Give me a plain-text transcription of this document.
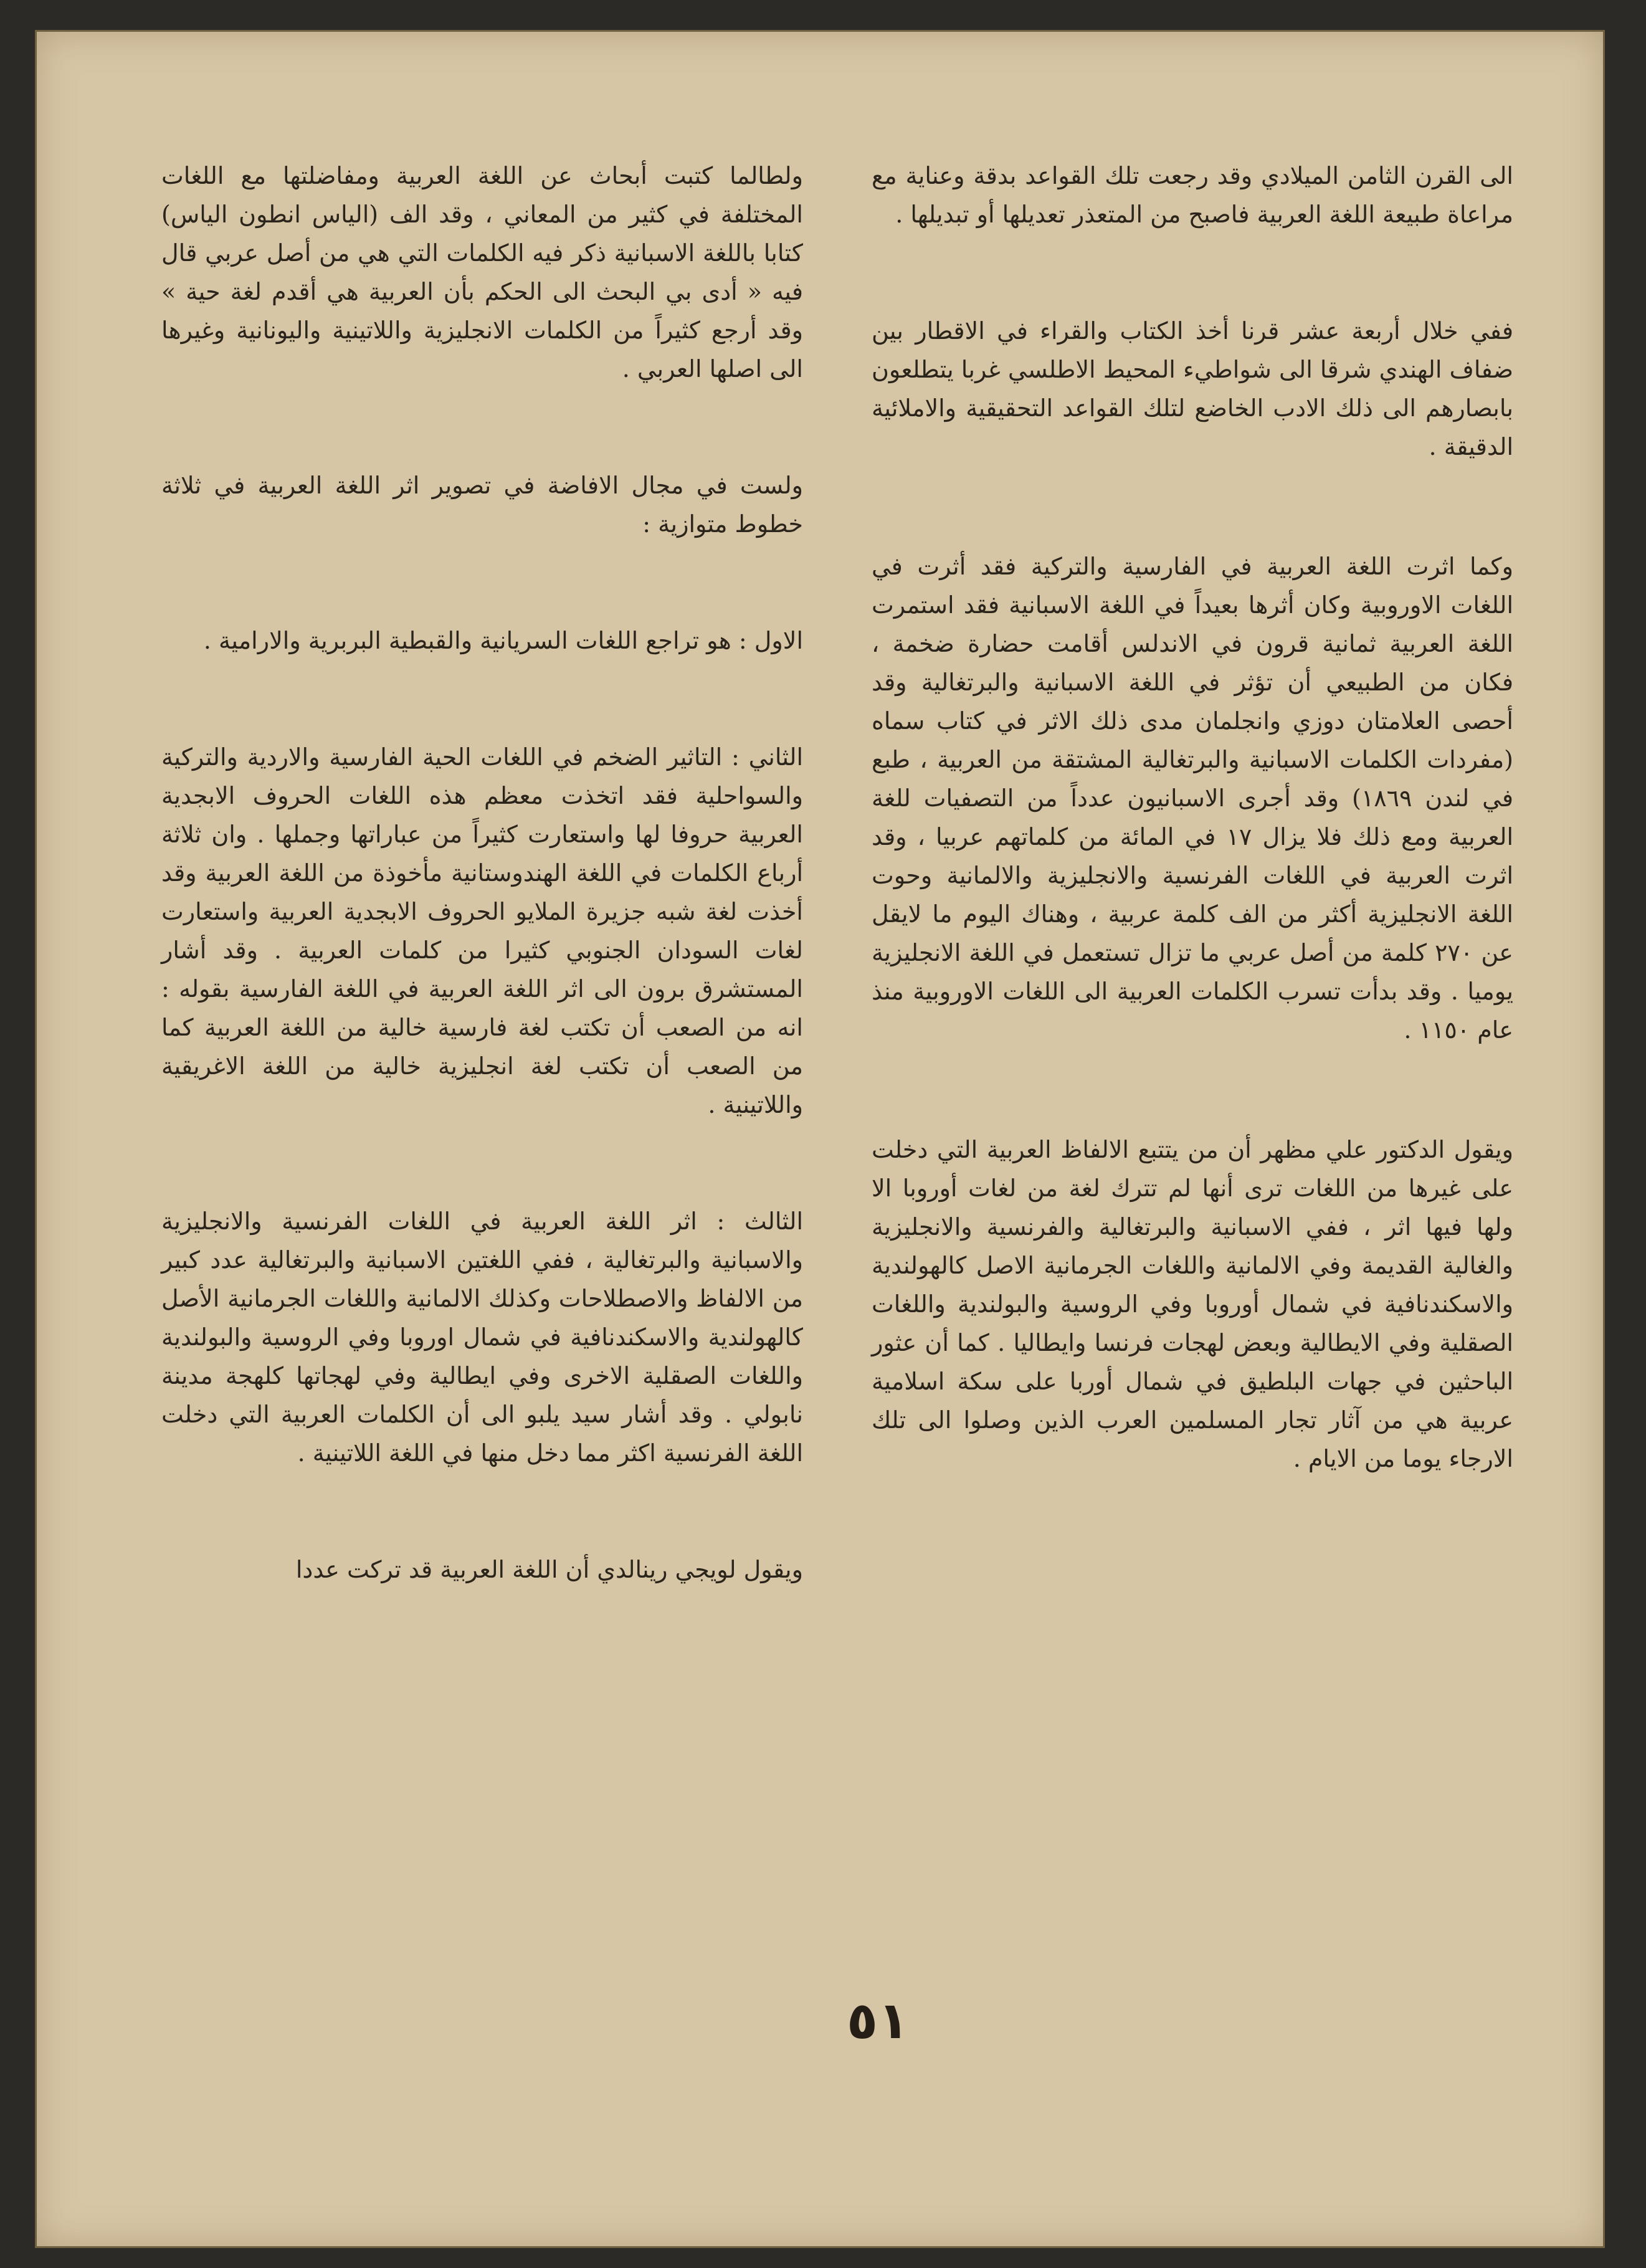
الى القرن الثامن الميلادي وقد رجعت تلك القواعد بدقة وعناية مع مراعاة طبيعة اللغة العربية فاصبح من المتعذر تعديلها أو تبديلها .

ففي خلال أربعة عشر قرنا أخذ الكتاب والقراء في الاقطار بين ضفاف الهندي شرقا الى شواطيء المحيط الاطلسي غربا يتطلعون بابصارهم الى ذلك الادب الخاضع لتلك القواعد التحقيقية والاملائية الدقيقة .

وكما اثرت اللغة العربية في الفارسية والتركية فقد أثرت في اللغات الاوروبية وكان أثرها بعيداً في اللغة الاسبانية فقد استمرت اللغة العربية ثمانية قرون في الاندلس أقامت حضارة ضخمة ، فكان من الطبيعي أن تؤثر في اللغة الاسبانية والبرتغالية وقد أحصى العلامتان دوزي وانجلمان مدى ذلك الاثر في كتاب سماه (مفردات الكلمات الاسبانية والبرتغالية المشتقة من العربية ، طبع في لندن ١٨٦٩) وقد أجرى الاسبانيون عدداً من التصفيات للغة العربية ومع ذلك فلا يزال ١٧ في المائة من كلماتهم عربيا ، وقد اثرت العربية في اللغات الفرنسية والانجليزية والالمانية وحوت اللغة الانجليزية أكثر من الف كلمة عربية ، وهناك اليوم ما لايقل عن ٢٧٠ كلمة من أصل عربي ما تزال تستعمل في اللغة الانجليزية يوميا . وقد بدأت تسرب الكلمات العربية الى اللغات الاوروبية منذ عام ١١٥٠ .

ويقول الدكتور علي مظهر أن من يتتبع الالفاظ العربية التي دخلت على غيرها من اللغات ترى أنها لم تترك لغة من لغات أوروبا الا ولها فيها اثر ، ففي الاسبانية والبرتغالية والفرنسية والانجليزية والغالية القديمة وفي الالمانية واللغات الجرمانية الاصل كالهولندية والاسكندنافية في شمال أوروبا وفي الروسية والبولندية واللغات الصقلية وفي الايطالية وبعض لهجات فرنسا وايطاليا . كما أن عثور الباحثين في جهات البلطيق في شمال أوربا على سكة اسلامية عربية هي من آثار تجار المسلمين العرب الذين وصلوا الى تلك الارجاء يوما من الايام .

ولطالما كتبت أبحاث عن اللغة العربية ومفاضلتها مع اللغات المختلفة في كثير من المعاني ، وقد الف (الياس انطون الياس) كتابا باللغة الاسبانية ذكر فيه الكلمات التي هي من أصل عربي قال فيه « أدى بي البحث الى الحكم بأن العربية هي أقدم لغة حية » وقد أرجع كثيراً من الكلمات الانجليزية واللاتينية واليونانية وغيرها الى اصلها العربي .

ولست في مجال الافاضة في تصوير اثر اللغة العربية في ثلاثة خطوط متوازية :

الاول : هو تراجع اللغات السريانية والقبطية البربرية والارامية .

الثاني : التاثير الضخم في اللغات الحية الفارسية والاردية والتركية والسواحلية فقد اتخذت معظم هذه اللغات الحروف الابجدية العربية حروفا لها واستعارت كثيراً من عباراتها وجملها . وان ثلاثة أرباع الكلمات في اللغة الهندوستانية مأخوذة من اللغة العربية وقد أخذت لغة شبه جزيرة الملايو الحروف الابجدية العربية واستعارت لغات السودان الجنوبي كثيرا من كلمات العربية . وقد أشار المستشرق برون الى اثر اللغة العربية في اللغة الفارسية بقوله : انه من الصعب أن تكتب لغة فارسية خالية من اللغة العربية كما من الصعب أن تكتب لغة انجليزية خالية من اللغة الاغريقية واللاتينية .

الثالث : اثر اللغة العربية في اللغات الفرنسية والانجليزية والاسبانية والبرتغالية ، ففي اللغتين الاسبانية والبرتغالية عدد كبير من الالفاظ والاصطلاحات وكذلك الالمانية واللغات الجرمانية الأصل كالهولندية والاسكندنافية في شمال اوروبا وفي الروسية والبولندية واللغات الصقلية الاخرى وفي ايطالية وفي لهجاتها كلهجة مدينة نابولي . وقد أشار سيد يلبو الى أن الكلمات العربية التي دخلت اللغة الفرنسية اكثر مما دخل منها في اللغة اللاتينية .

ويقول لويجي رينالدي أن اللغة العربية قد تركت عددا

٥١
